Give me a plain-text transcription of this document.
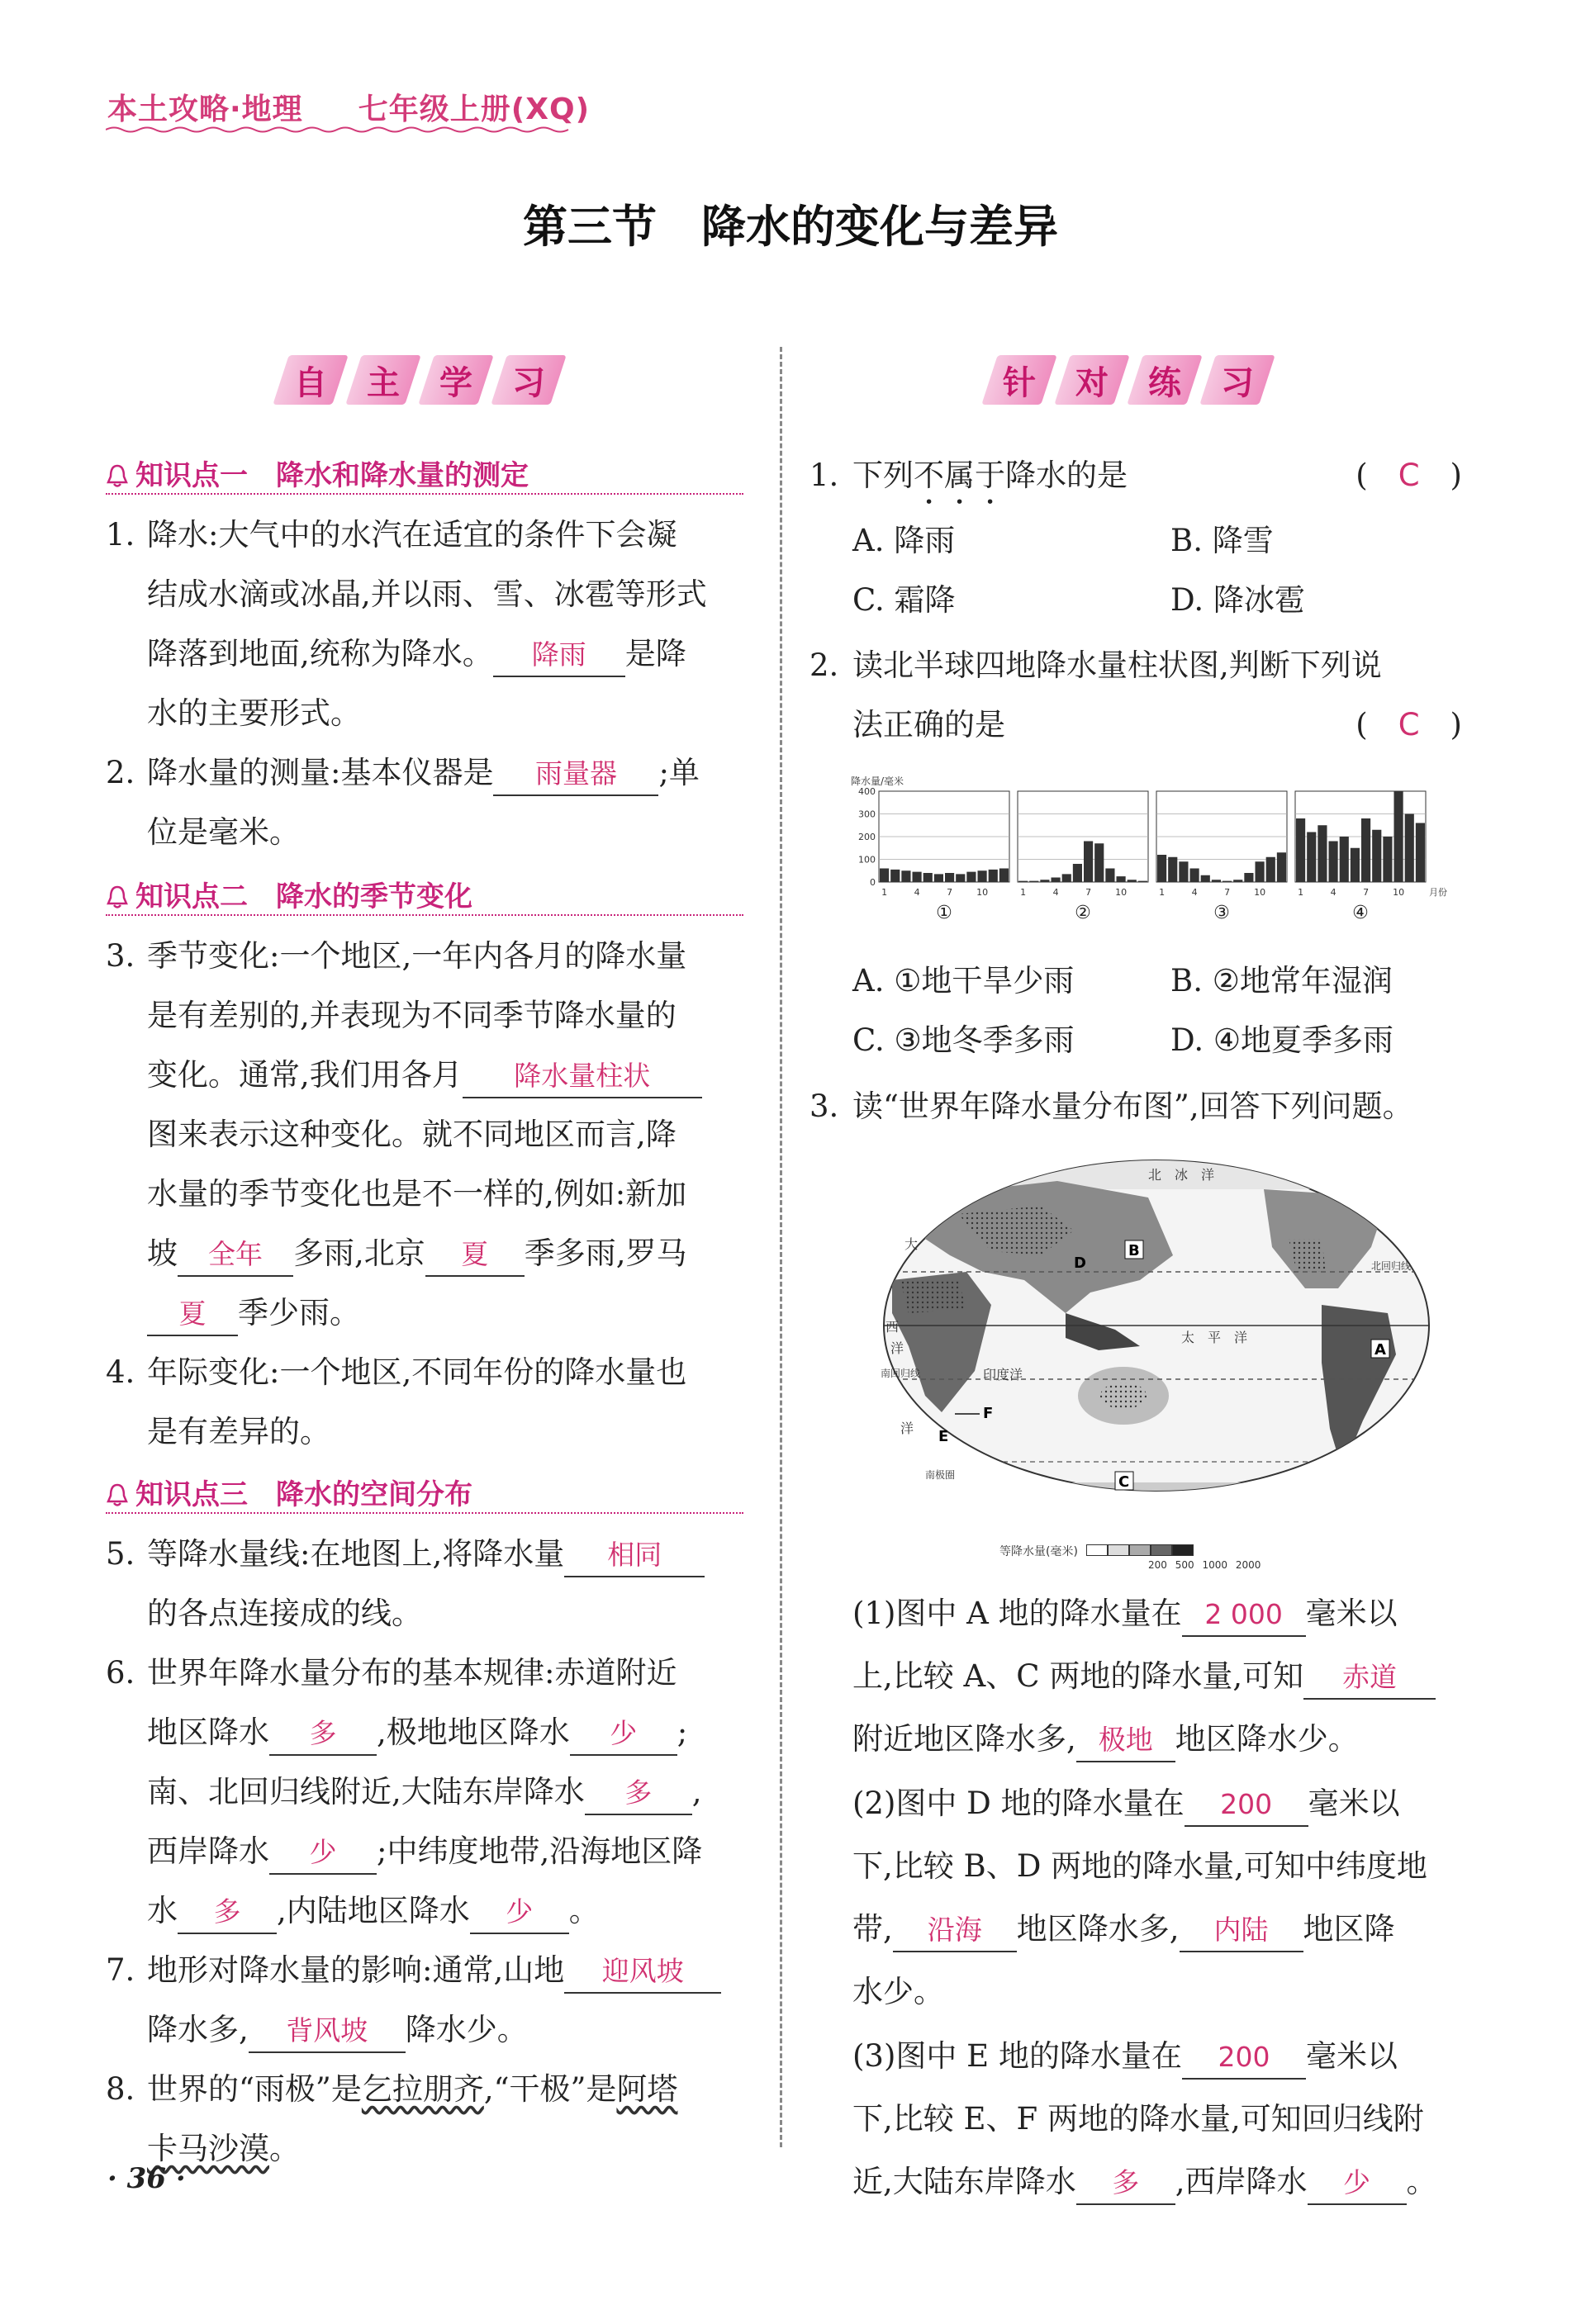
本土攻略·地理 七年级上册(XQ)
第三节　降水的变化与差异
自	主	学	习	针	对	练	习
知识点一　降水和降水量的测定
1. 降水:大气中的水汽在适宜的条件下会凝
结成水滴或冰晶,并以雨、雪、冰雹等形式
降落到地面,统称为降水。 降雨 是降
水的主要形式。
2. 降水量的测量:基本仪器是 雨量器 ;单
位是毫米。
知识点二　降水的季节变化
3. 季节变化:一个地区,一年内各月的降水量
是有差别的,并表现为不同季节降水量的
变化。通常,我们用各月 降水量柱状
图来表示这种变化。就不同地区而言,降
水量的季节变化也是不一样的,例如:新加
坡 全年 多雨,北京 夏 季多雨,罗马
夏 季少雨。
4. 年际变化:一个地区,不同年份的降水量也
是有差异的。
知识点三　降水的空间分布
5. 等降水量线:在地图上,将降水量 相同
的各点连接成的线。
6. 世界年降水量分布的基本规律:赤道附近
地区降水 多 ,极地地区降水 少 ;
南、北回归线附近,大陆东岸降水 多 ,
西岸降水 少 ;中纬度地带,沿海地区降
水 多 ,内陆地区降水 少 。
7. 地形对降水量的影响:通常,山地 迎风坡
降水多, 背风坡 降水少。
8. 世界的“雨极”是乞拉朋齐,“干极”是阿塔
卡马沙漠。
· 36 ·
1. 下列不属于降水的是	(　C　)
A. 降雨	B. 降雪
C. 霜降	D. 降冰雹
2. 读北半球四地降水量柱状图,判断下列说
法正确的是	(　C　)
降水量/毫米
0
100
200
300
400
1	4	7	10
①
1	4	7	10
②
1	4	7	10
③
1	4	7	10
④
月份
A. ①地干旱少雨	B. ②地常年湿润
C. ③地冬季多雨	D. ④地夏季多雨
3. 读“世界年降水量分布图”,回答下列问题。
北　冰　洋
太　平　洋
印度洋
北回归线
南回归线
南极圈
大
西
洋
洋
A
B
C
D
E
F
等降水量(毫米)
200 500 1000 2000
(1)图中 A 地的降水量在 2 000 毫米以
上,比较 A、C 两地的降水量,可知 赤道
附近地区降水多, 极地 地区降水少。
(2)图中 D 地的降水量在 200 毫米以
下,比较 B、D 两地的降水量,可知中纬度地
带, 沿海 地区降水多, 内陆 地区降
水少。
(3)图中 E 地的降水量在 200 毫米以
下,比较 E、F 两地的降水量,可知回归线附
近,大陆东岸降水 多 ,西岸降水 少 。
